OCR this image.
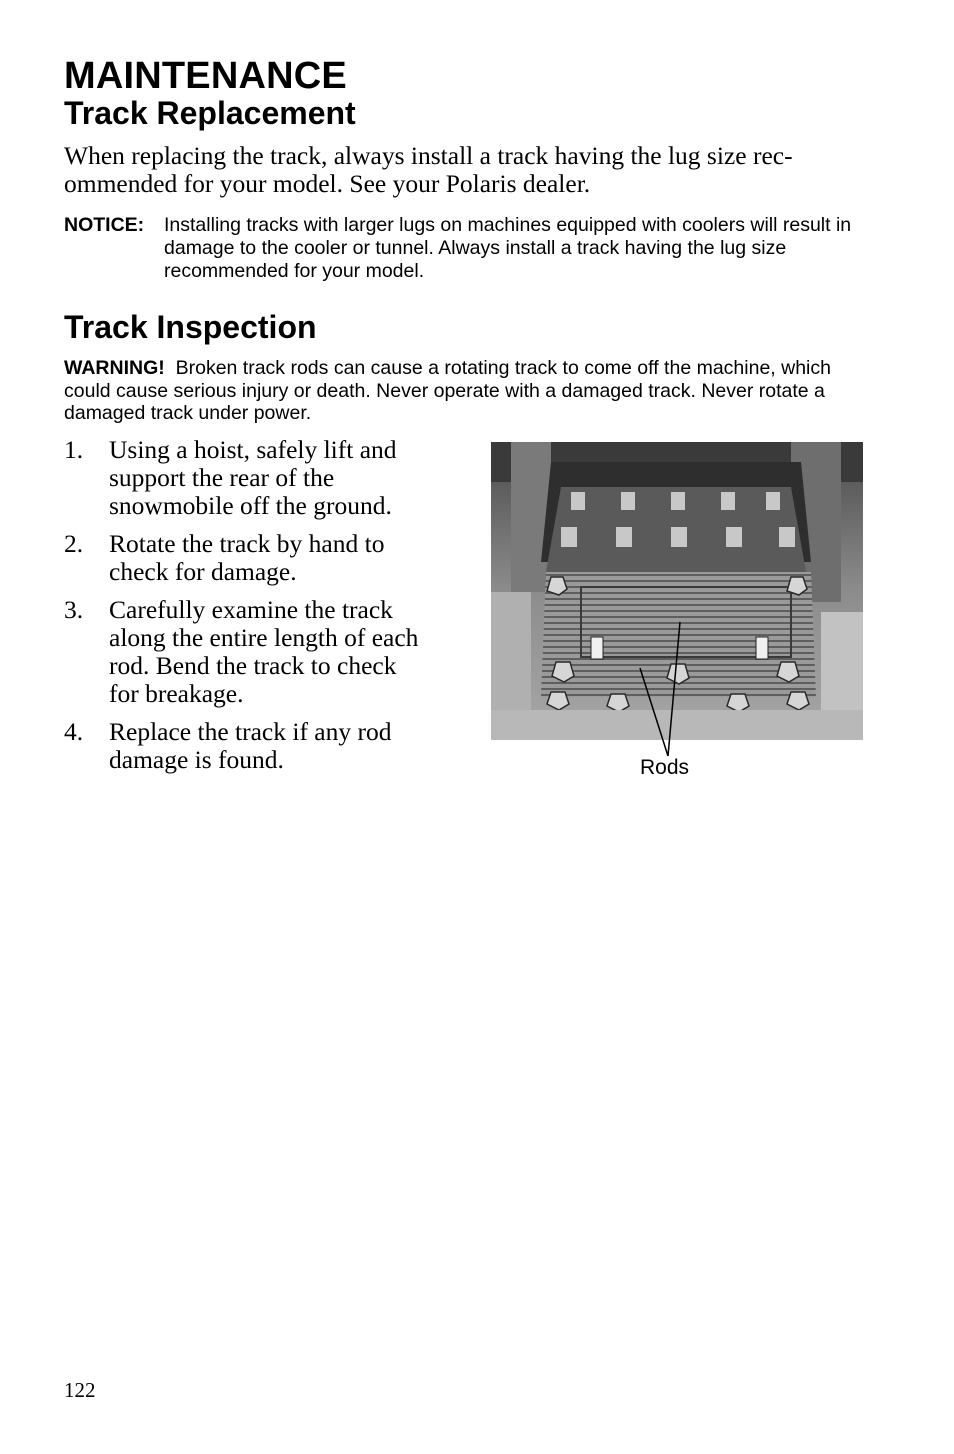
MAINTENANCE
Track Replacement

When replacing the track, always install a track having the lug size rec- ommended for your model. See your Polaris dealer.

NOTICE:	Installing tracks with larger lugs on machines equipped with coolers will result in damage to the cooler or tunnel. Always install a track having the lug size recommended for your model.
Track Inspection

WARNING! Broken track rods can cause a rotating track to come off the machine, which could cause serious injury or death. Never operate with a damaged track. Never rotate a damaged track under power.

1. Using a hoist, safely lift and support the rear of the snowmobile off the ground.
2. Rotate the track by hand to check for damage.
3. Carefully examine the track along the entire length of each rod. Bend the track to check for breakage.
4. Replace the track if any rod damage is found.	Rods

122
